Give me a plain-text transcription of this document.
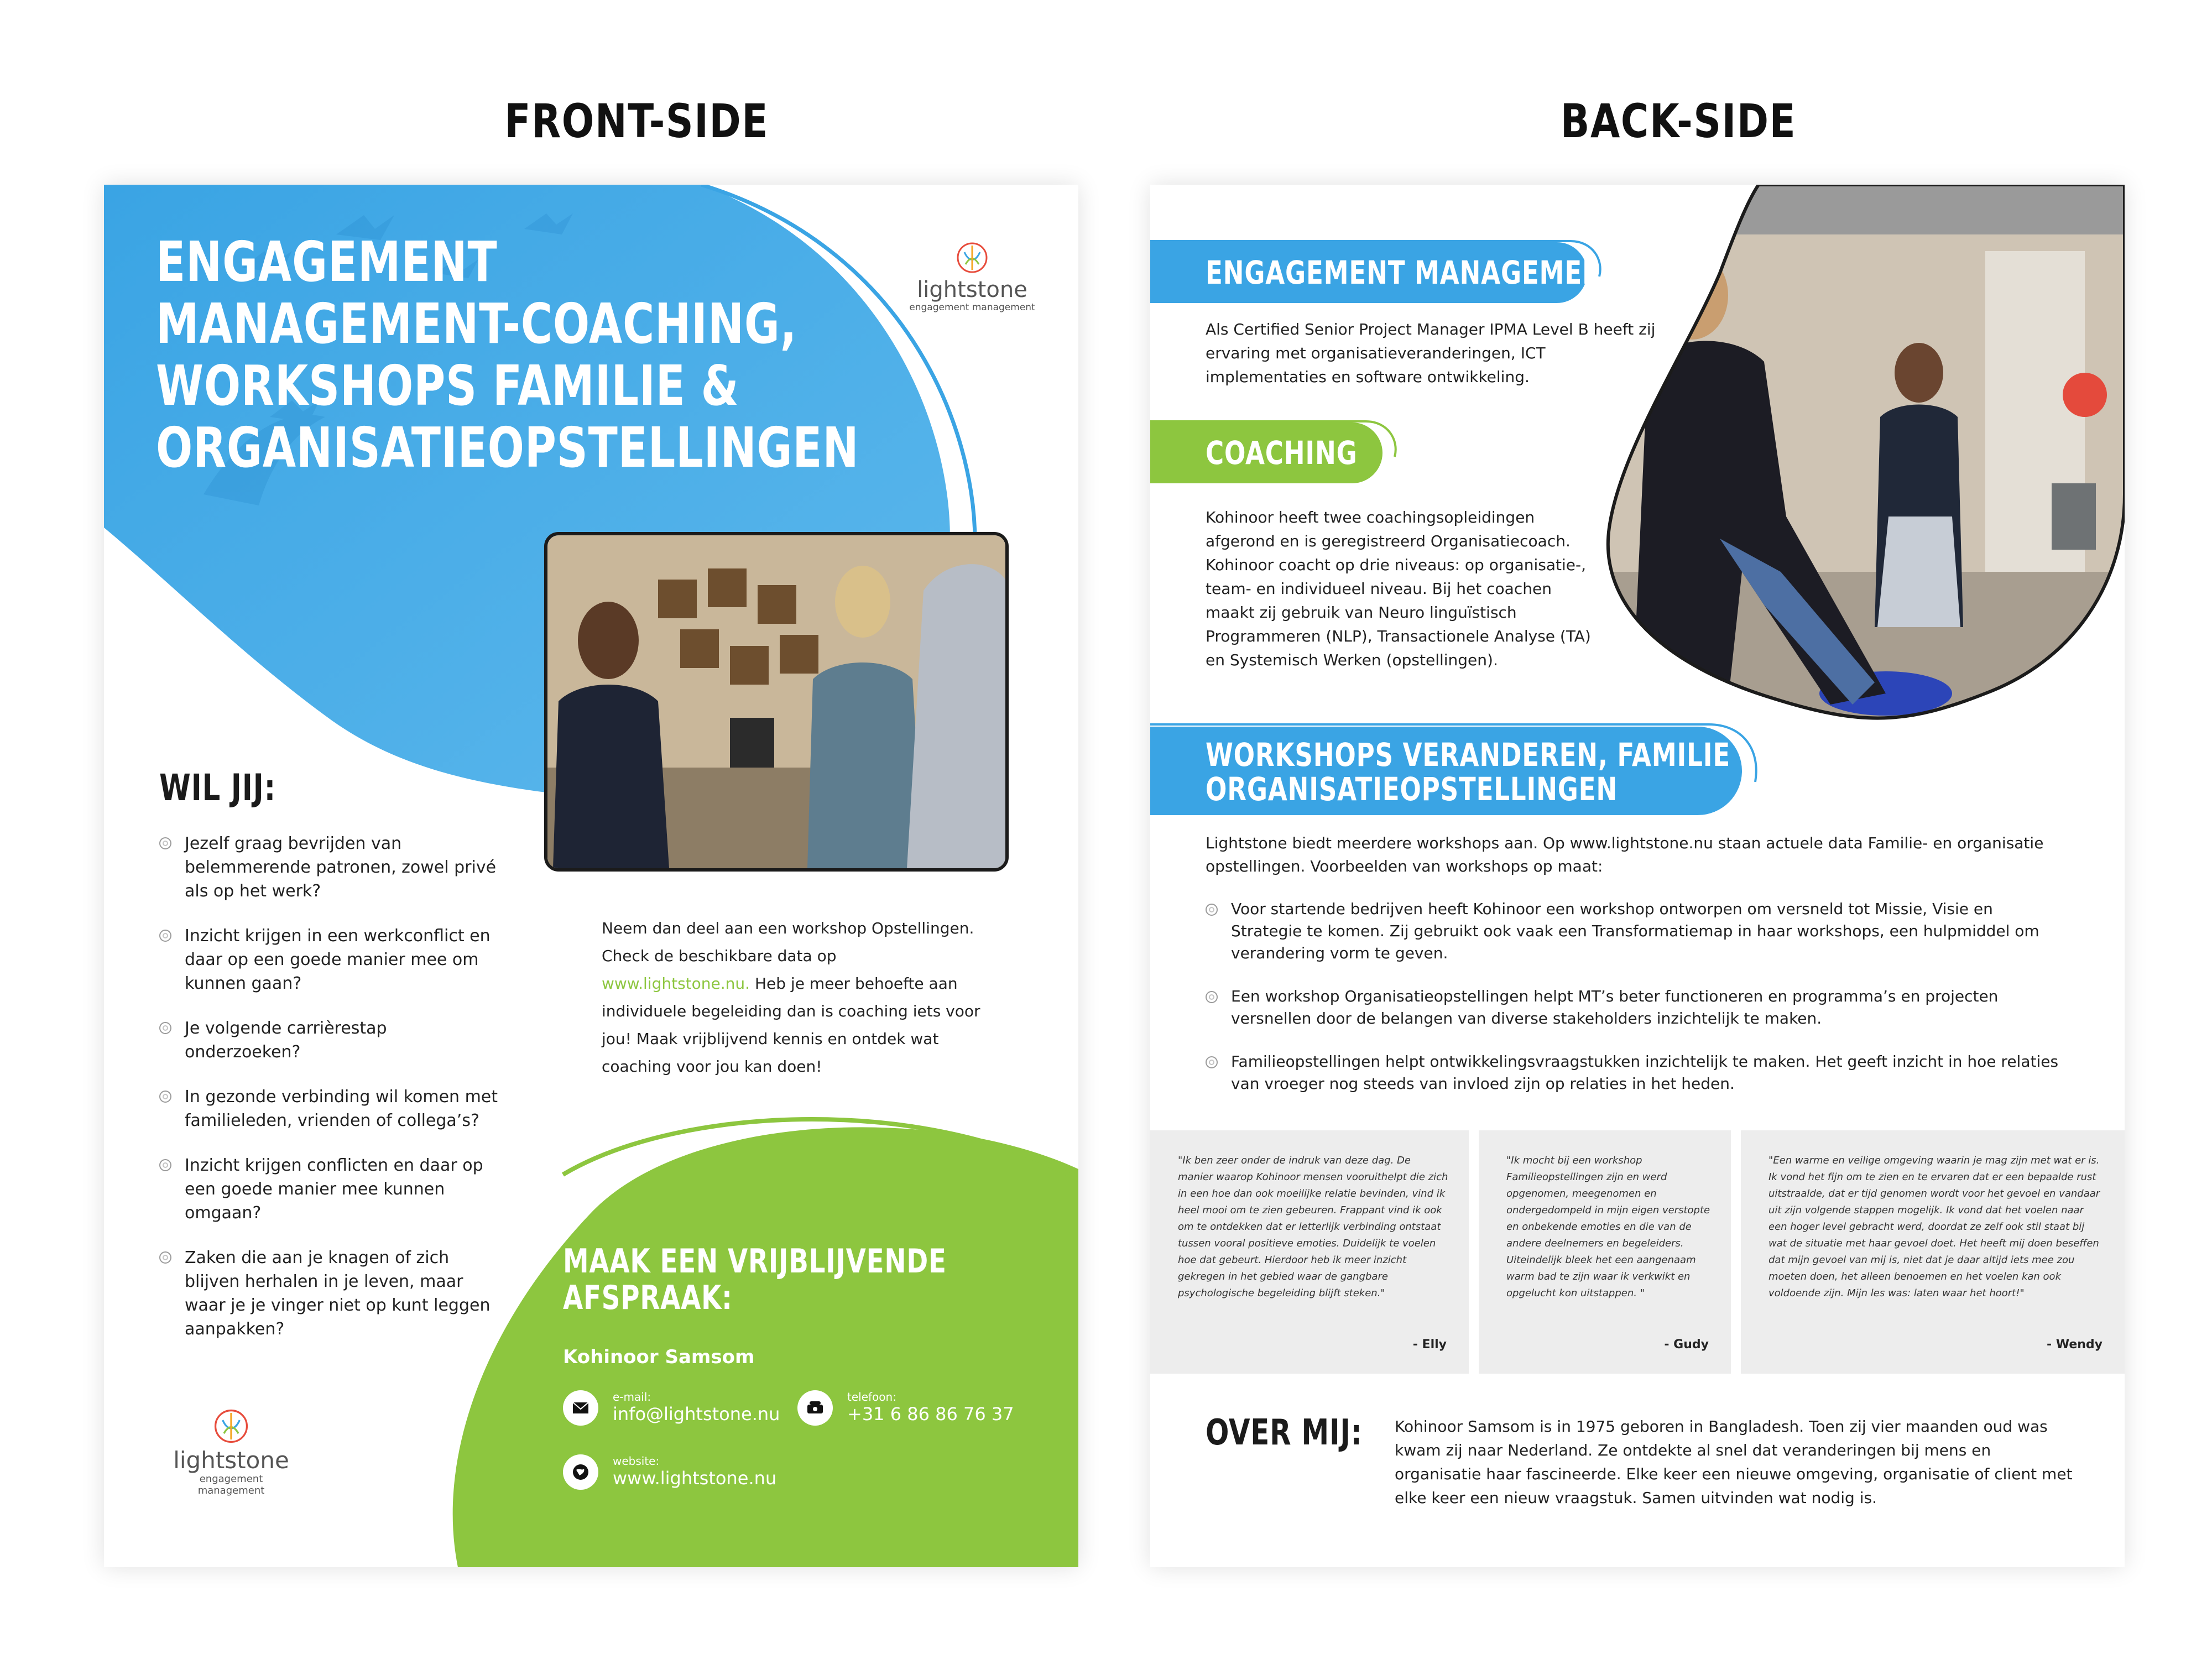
FRONT-SIDE	BACK-SIDE
lightstone
engagement management
ENGAGEMENT
MANAGEMENT-COACHING,
WORKSHOPS FAMILIE &
ORGANISATIEOPSTELLINGEN
WIL JIJ:
Jezelf graag bevrijden van belemmerende patronen, zowel privé als op het werk?
Inzicht krijgen in een werkconflict en daar op een goede manier mee om kunnen gaan?
Je volgende carrièrestap onderzoeken?
In gezonde verbinding wil komen met familieleden, vrienden of collega’s?
Inzicht krijgen conflicten en daar op een goede manier mee kunnen omgaan?
Zaken die aan je knagen of zich blijven herhalen in je leven, maar waar je je vinger niet op kunt leggen aanpakken?
Neem dan deel aan een workshop Opstellingen. Check de beschikbare data op www.lightstone.nu. Heb je meer behoefte aan individuele begeleiding dan is coaching iets voor jou! Maak vrijblijvend kennis en ontdek wat coaching voor jou kan doen!
MAAK EEN VRIJBLIJVENDE
AFSPRAAK:
Kohinoor Samsom
e-mail:
info@lightstone.nu
telefoon:
+31 6 86 86 76 37
website:
www.lightstone.nu
lightstone
engagement management
ENGAGEMENT MANAGEMENT
Als Certified Senior Project Manager IPMA Level B heeft zij ervaring met organisatieveranderingen, ICT implementaties en software ontwikkeling.
COACHING
Kohinoor heeft twee coachingsopleidingen afgerond en is geregistreerd Organisatiecoach. Kohinoor coacht op drie niveaus: op organisatie-, team- en individueel niveau. Bij het coachen maakt zij gebruik van Neuro linguïstisch Programmeren (NLP), Transactionele Analyse (TA) en Systemisch Werken (opstellingen).
WORKSHOPS VERANDEREN, FAMILIE &
ORGANISATIEOPSTELLINGEN
Lightstone biedt meerdere workshops aan. Op www.lightstone.nu staan actuele data Familie- en organisatie opstellingen. Voorbeelden van workshops op maat:
Voor startende bedrijven heeft Kohinoor een workshop ontworpen om versneld tot Missie, Visie en Strategie te komen. Zij gebruikt ook vaak een Transformatiemap in haar workshops, een hulpmiddel om verandering vorm te geven.
Een workshop Organisatieopstellingen helpt MT’s beter functioneren en programma’s en projecten versnellen door de belangen van diverse stakeholders inzichtelijk te maken.
Familieopstellingen helpt ontwikkelingsvraagstukken inzichtelijk te maken. Het geeft inzicht in hoe relaties van vroeger nog steeds van invloed zijn op relaties in het heden.
"Ik ben zeer onder de indruk van deze dag. De manier waarop Kohinoor mensen vooruithelpt die zich in een hoe dan ook moeilijke relatie bevinden, vind ik heel mooi om te zien gebeuren. Frappant vind ik ook om te ontdekken dat er letterlijk verbinding ontstaat tussen vooral positieve emoties. Duidelijk te voelen hoe dat gebeurt. Hierdoor heb ik meer inzicht gekregen in het gebied waar de gangbare psychologische begeleiding blijft steken."
- Elly
"Ik mocht bij een workshop Familieopstellingen zijn en werd opgenomen, meegenomen en ondergedompeld in mijn eigen verstopte en onbekende emoties en die van de andere deelnemers en begeleiders. Uiteindelijk bleek het een aangenaam warm bad te zijn waar ik verkwikt en opgelucht kon uitstappen. "
- Gudy
"Een warme en veilige omgeving waarin je mag zijn met wat er is. Ik vond het fijn om te zien en te ervaren dat er een bepaalde rust uitstraalde, dat er tijd genomen wordt voor het gevoel en vandaar uit zijn volgende stappen mogelijk. Ik vond dat het voelen naar een hoger level gebracht werd, doordat ze zelf ook stil staat bij wat de situatie met haar gevoel doet. Het heeft mij doen beseffen dat mijn gevoel van mij is, niet dat je daar altijd iets mee zou moeten doen, het alleen benoemen en het voelen kan ook voldoende zijn. Mijn les was: laten waar het hoort!"
- Wendy
OVER MIJ: Kohinoor Samsom is in 1975 geboren in Bangladesh. Toen zij vier maanden oud was kwam zij naar Nederland. Ze ontdekte al snel dat veranderingen bij mens en organisatie haar fascineerde. Elke keer een nieuwe omgeving, organisatie of client met elke keer een nieuw vraagstuk. Samen uitvinden wat nodig is.
